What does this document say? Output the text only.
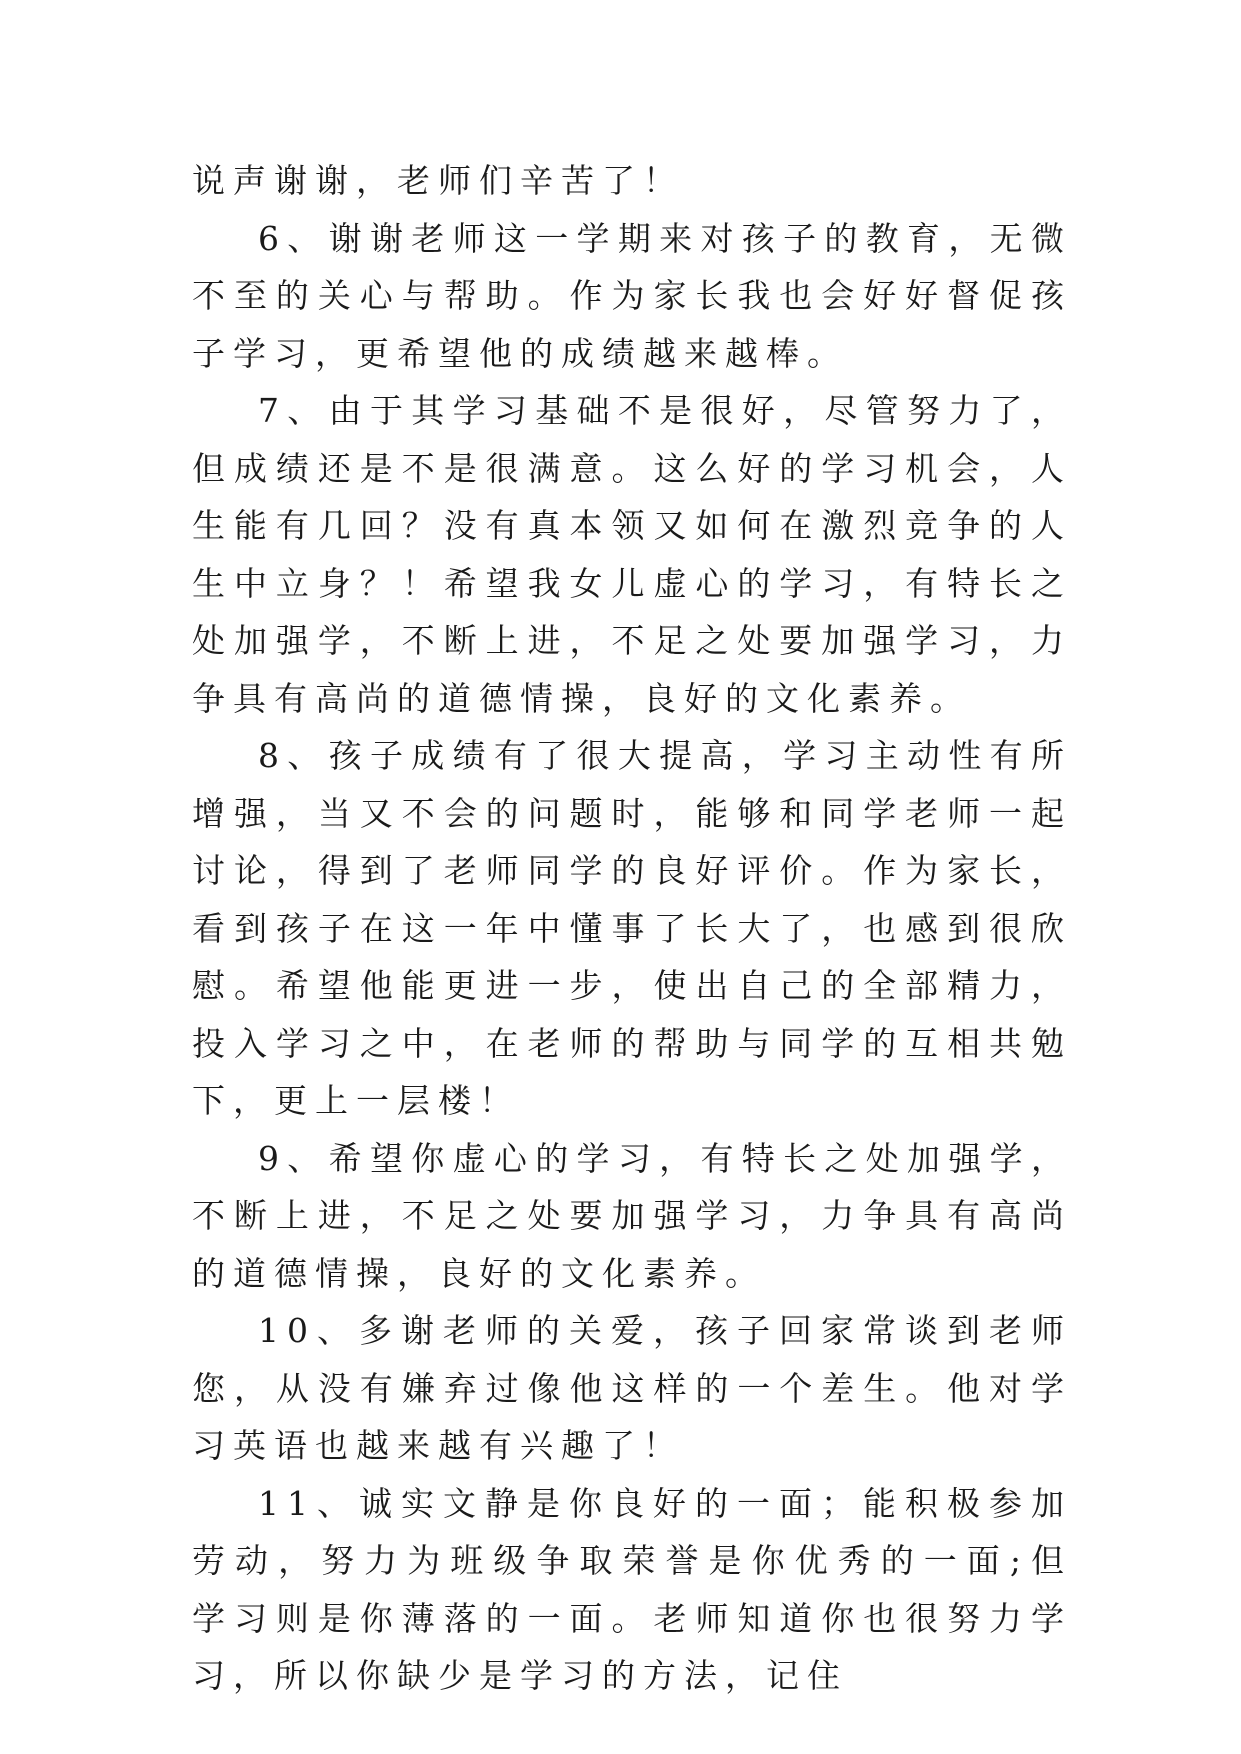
说声谢谢，老师们辛苦了！

6、谢谢老师这一学期来对孩子的教育，无微不至的关心与帮助。作为家长我也会好好督促孩子学习，更希望他的成绩越来越棒。

7、由于其学习基础不是很好，尽管努力了，但成绩还是不是很满意。这么好的学习机会，人生能有几回？没有真本领又如何在激烈竞争的人生中立身？！希望我女儿虚心的学习，有特长之处加强学，不断上进，不足之处要加强学习，力争具有高尚的道德情操，良好的文化素养。

8、孩子成绩有了很大提高，学习主动性有所增强，当又不会的问题时，能够和同学老师一起讨论，得到了老师同学的良好评价。作为家长，看到孩子在这一年中懂事了长大了，也感到很欣慰。希望他能更进一步，使出自己的全部精力，投入学习之中，在老师的帮助与同学的互相共勉下，更上一层楼！

9、希望你虚心的学习，有特长之处加强学，不断上进，不足之处要加强学习，力争具有高尚的道德情操，良好的文化素养。

10、多谢老师的关爱，孩子回家常谈到老师您，从没有嫌弃过像他这样的一个差生。他对学习英语也越来越有兴趣了！

11、诚实文静是你良好的一面；能积极参加劳动，努力为班级争取荣誉是你优秀的一面;但学习则是你薄落的一面。老师知道你也很努力学习，所以你缺少是学习的方法，记住
